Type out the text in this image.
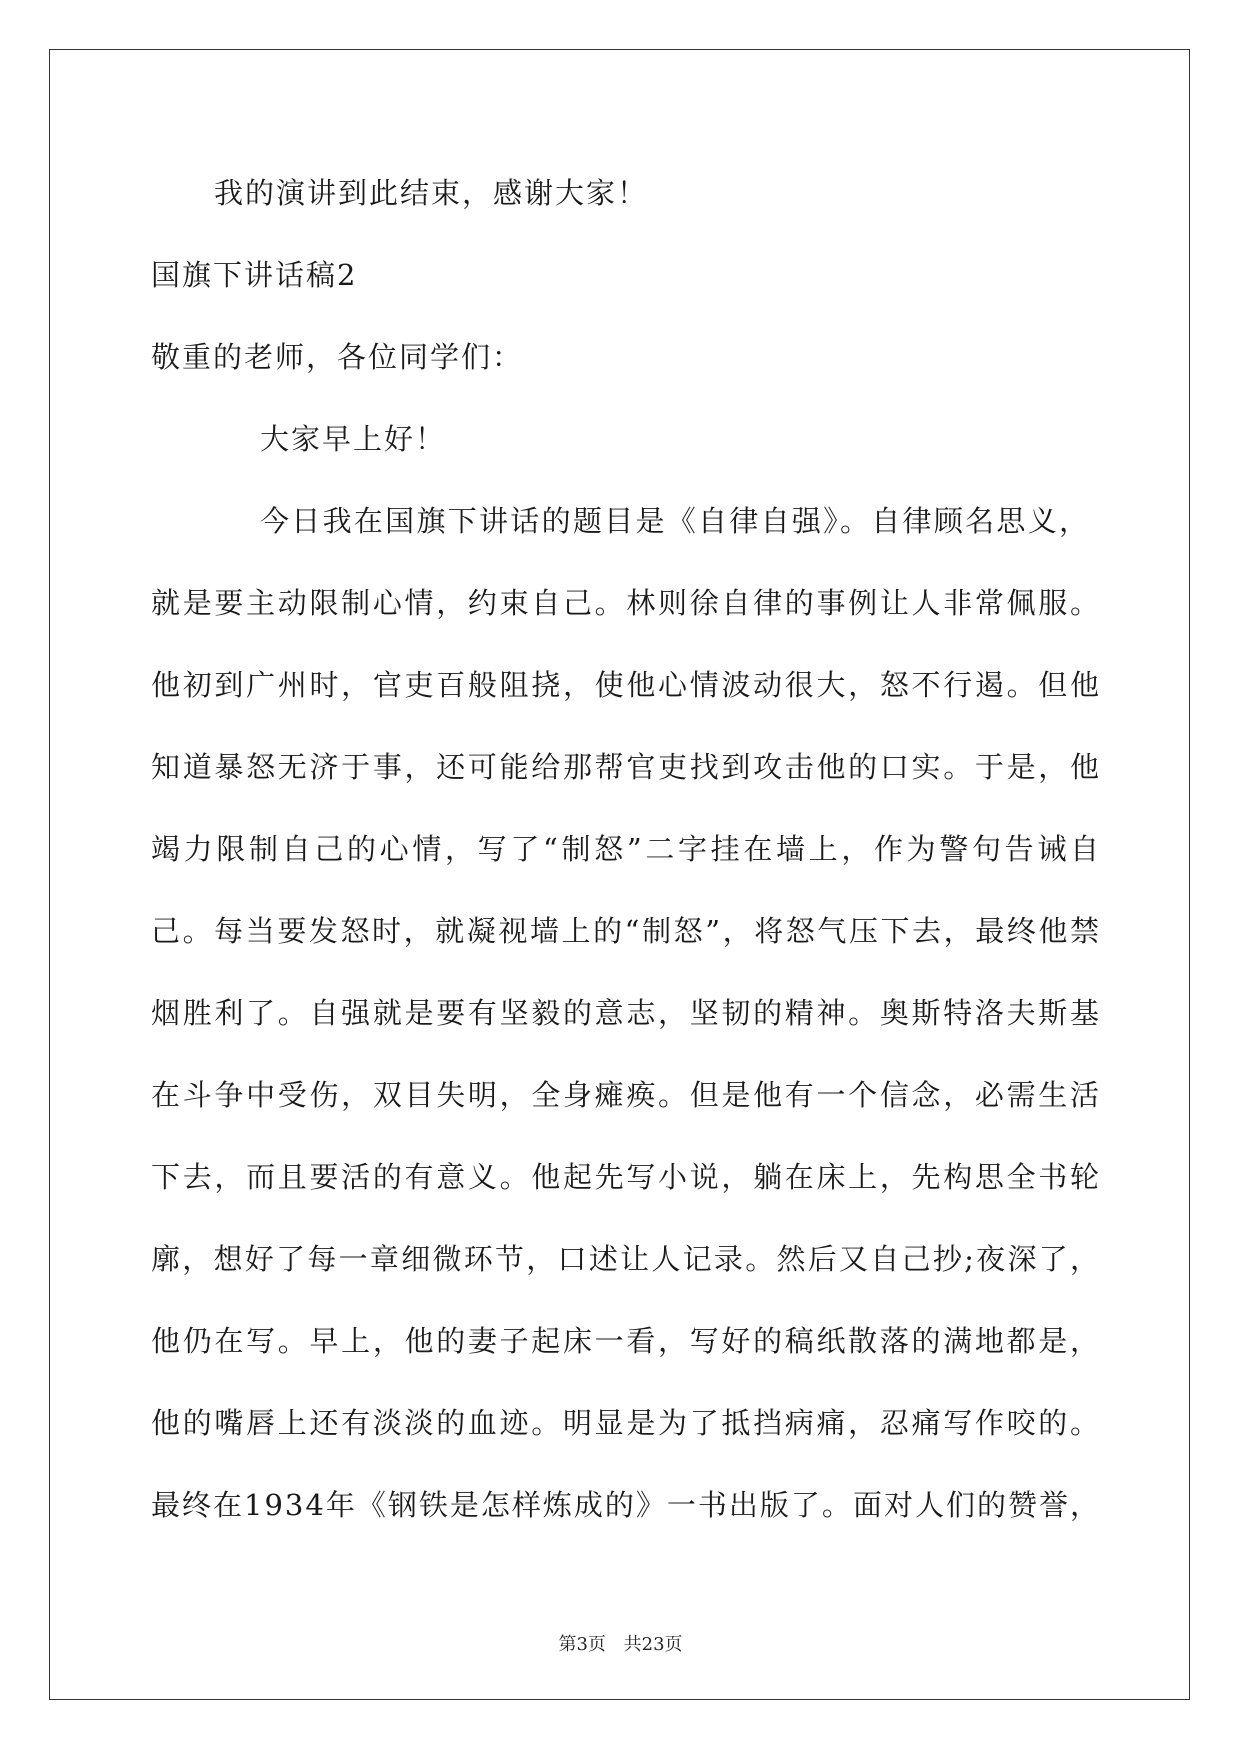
我的演讲到此结束，感谢大家！

国旗下讲话稿2

敬重的老师，各位同学们：

大家早上好！

今日我在国旗下讲话的题目是《自律自强》。自律顾名思义，

就是要主动限制心情，约束自己。林则徐自律的事例让人非常佩服。

他初到广州时，官吏百般阻挠，使他心情波动很大，怒不行遏。但他

知道暴怒无济于事，还可能给那帮官吏找到攻击他的口实。于是，他

竭力限制自己的心情，写了“制怒”二字挂在墙上，作为警句告诫自

己。每当要发怒时，就凝视墙上的“制怒”，将怒气压下去，最终他禁

烟胜利了。自强就是要有坚毅的意志，坚韧的精神。奥斯特洛夫斯基

在斗争中受伤，双目失明，全身瘫痪。但是他有一个信念，必需生活

下去，而且要活的有意义。他起先写小说，躺在床上，先构思全书轮

廓，想好了每一章细微环节，口述让人记录。然后又自己抄;夜深了，

他仍在写。早上，他的妻子起床一看，写好的稿纸散落的满地都是，

他的嘴唇上还有淡淡的血迹。明显是为了抵挡病痛，忍痛写作咬的。

最终在1934年《钢铁是怎样炼成的》一书出版了。面对人们的赞誉，

第3页 共23页
